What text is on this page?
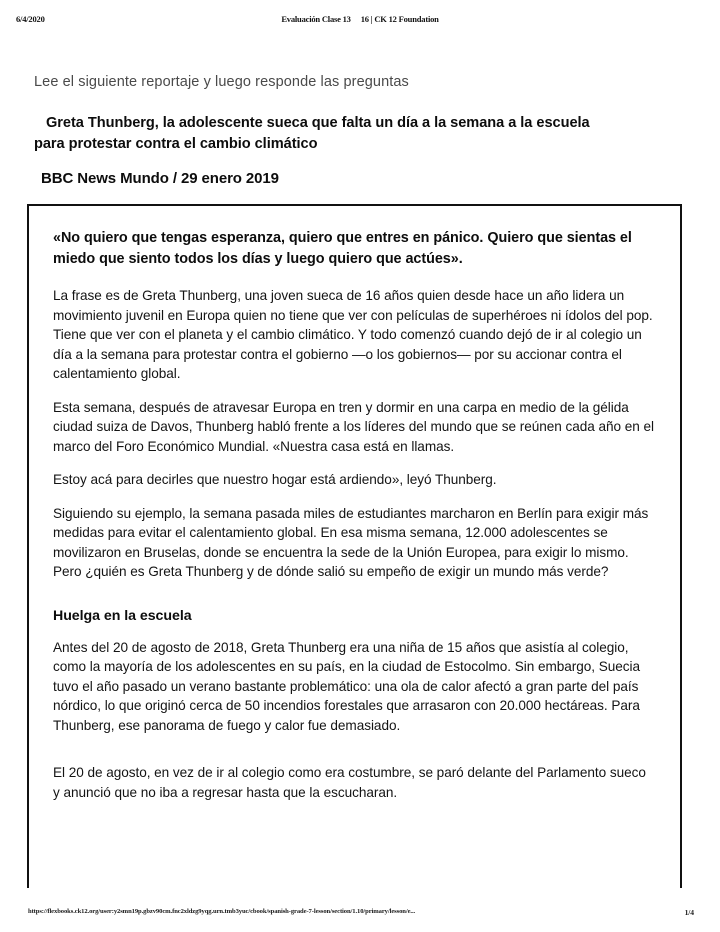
6/4/2020	Evaluación Clase 13 16 | CK 12 Foundation
Lee el siguiente reportaje y luego responde las preguntas
Greta Thunberg, la adolescente sueca que falta un día a la semana a la escuela
para protestar contra el cambio climático
BBC News Mundo / 29 enero 2019

«No quiero que tengas esperanza, quiero que entres en pánico. Quiero que sientas el miedo que siento todos los días y luego quiero que actúes».

La frase es de Greta Thunberg, una joven sueca de 16 años quien desde hace un año lidera un movimiento juvenil en Europa quien no tiene que ver con películas de superhéroes ni ídolos del pop. Tiene que ver con el planeta y el cambio climático. Y todo comenzó cuando dejó de ir al colegio un día a la semana para protestar contra el gobierno —o los gobiernos— por su accionar contra el calentamiento global.

Esta semana, después de atravesar Europa en tren y dormir en una carpa en medio de la gélida ciudad suiza de Davos, Thunberg habló frente a los líderes del mundo que se reúnen cada año en el marco del Foro Económico Mundial. «Nuestra casa está en llamas.

Estoy acá para decirles que nuestro hogar está ardiendo», leyó Thunberg.

Siguiendo su ejemplo, la semana pasada miles de estudiantes marcharon en Berlín para exigir más medidas para evitar el calentamiento global. En esa misma semana, 12.000 adolescentes se movilizaron en Bruselas, donde se encuentra la sede de la Unión Europea, para exigir lo mismo. Pero ¿quién es Greta Thunberg y de dónde salió su empeño de exigir un mundo más verde?

Huelga en la escuela

Antes del 20 de agosto de 2018, Greta Thunberg era una niña de 15 años que asistía al colegio, como la mayoría de los adolescentes en su país, en la ciudad de Estocolmo. Sin embargo, Suecia tuvo el año pasado un verano bastante problemático: una ola de calor afectó a gran parte del país nórdico, lo que originó cerca de 50 incendios forestales que arrasaron con 20.000 hectáreas. Para Thunberg, ese panorama de fuego y calor fue demasiado.

El 20 de agosto, en vez de ir al colegio como era costumbre, se paró delante del Parlamento sueco y anunció que no iba a regresar hasta que la escucharan.

https://flexbooks.ck12.org/user:y2smn19p.gbzv90cm.fnc2xldzg9yqg.urn.tmb3yuc/cbook/spanish-grade-7-lesson/section/1.10/primary/lesson/e...	1/4
